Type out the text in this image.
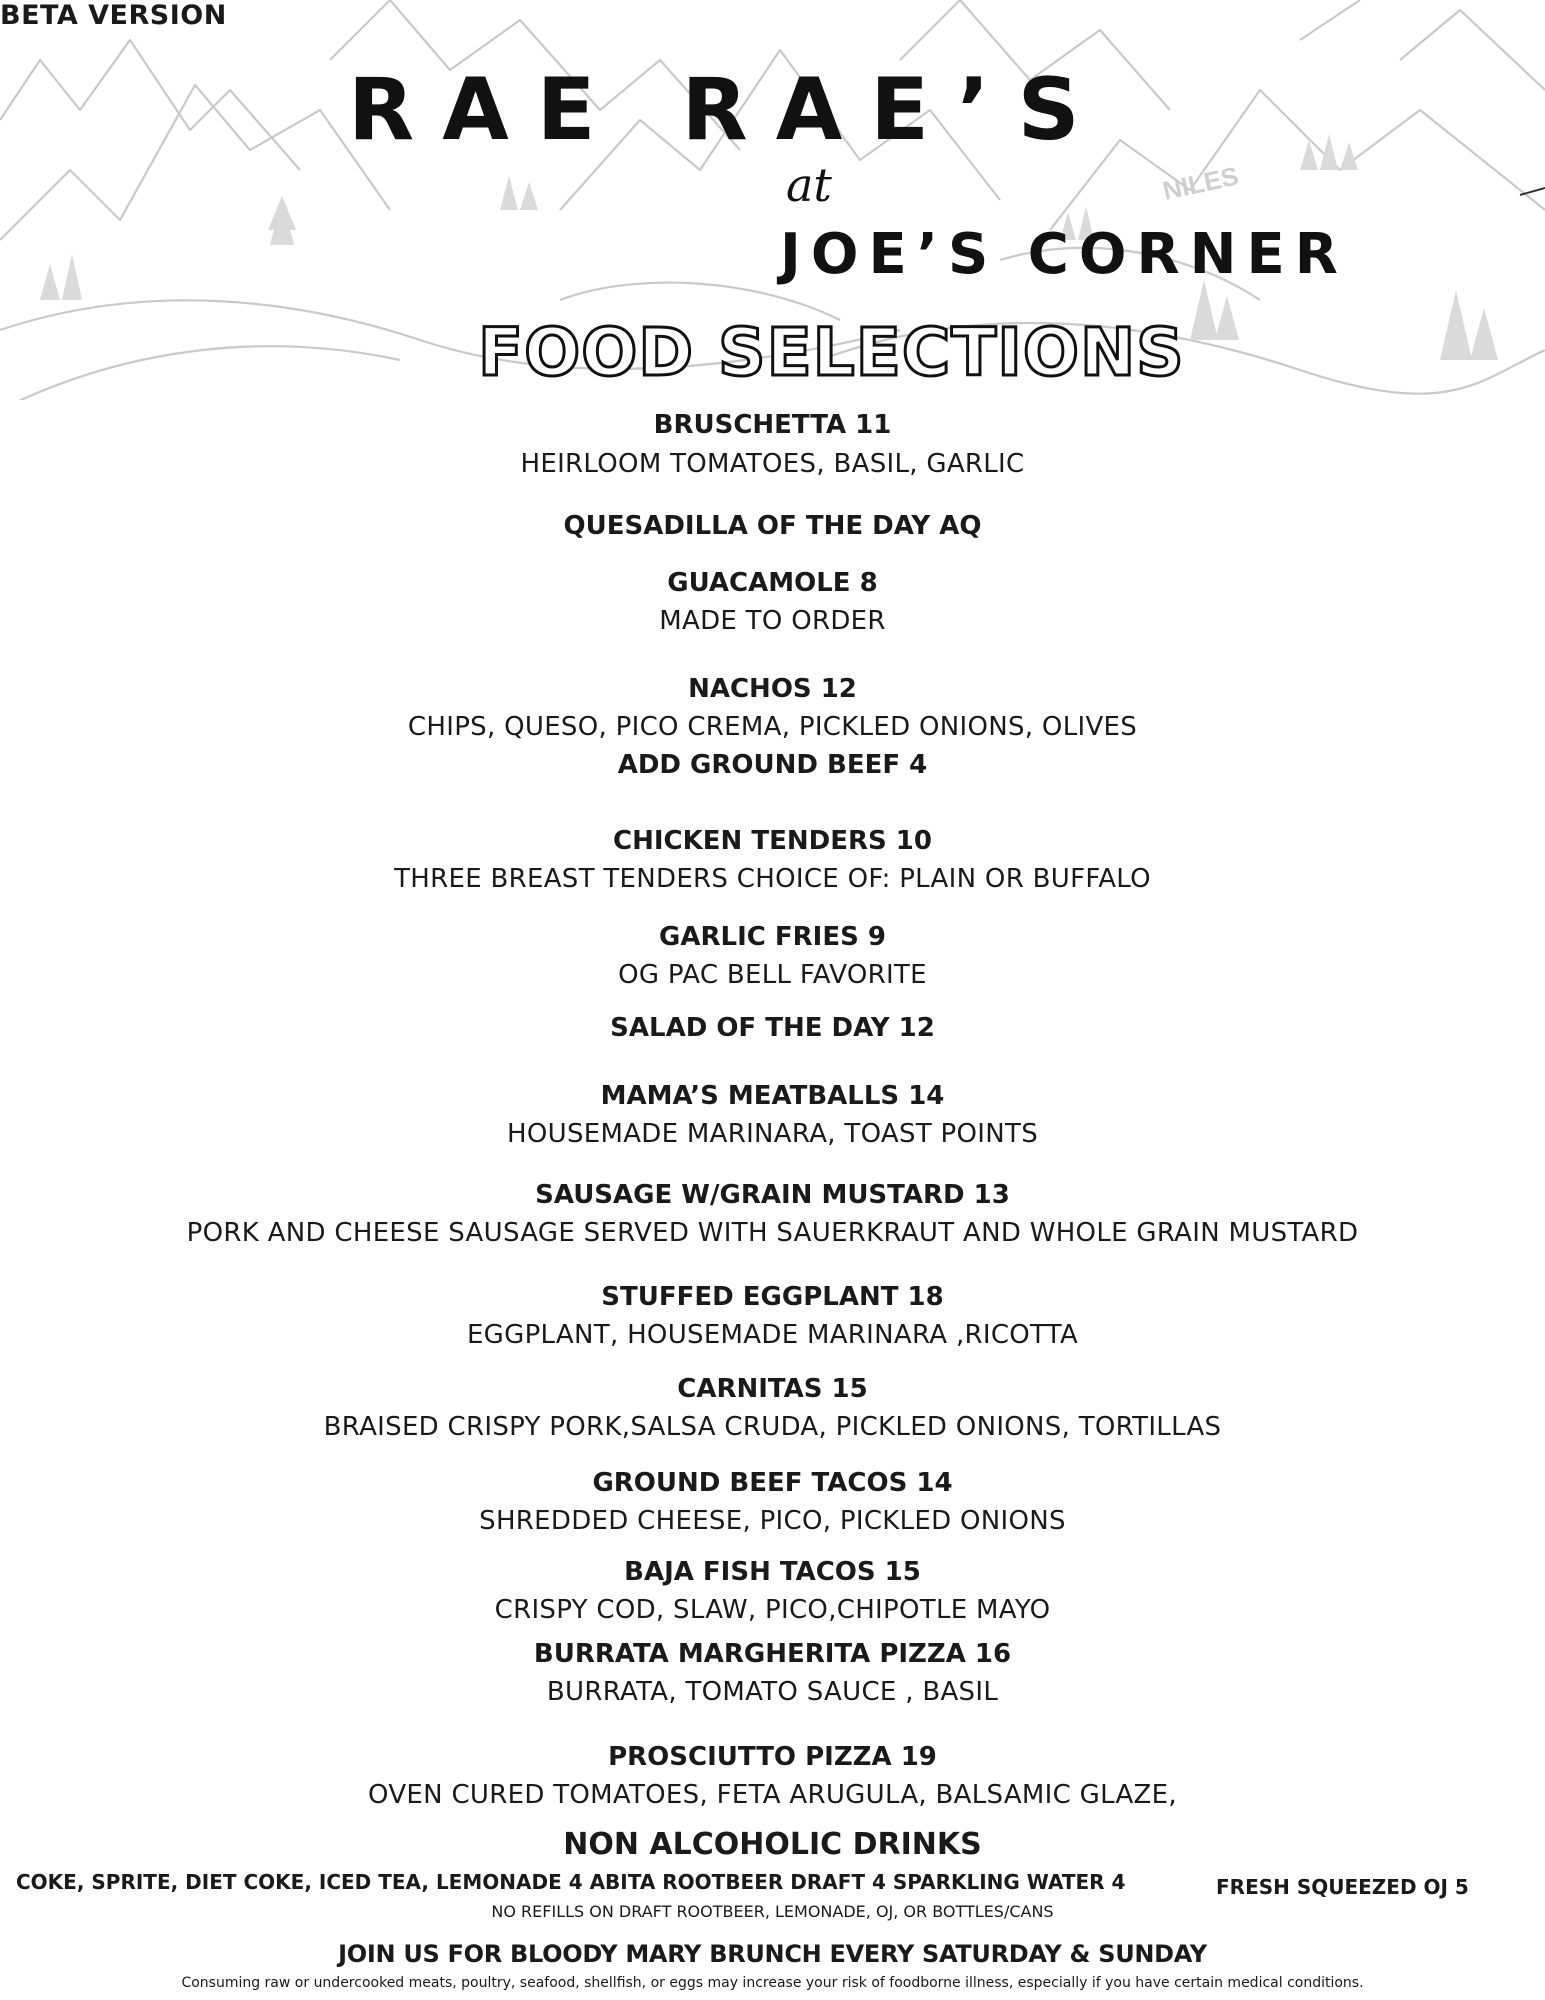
NILES
BETA VERSION
RAE RAE’S
at
JOE’S CORNER
FOOD SELECTIONS
BRUSCHETTA 11
HEIRLOOM TOMATOES, BASIL, GARLIC
QUESADILLA OF THE DAY AQ
GUACAMOLE 8
MADE TO ORDER
NACHOS 12
CHIPS, QUESO, PICO CREMA, PICKLED ONIONS, OLIVES
ADD GROUND BEEF 4
CHICKEN TENDERS 10
THREE BREAST TENDERS CHOICE OF: PLAIN OR BUFFALO
GARLIC FRIES 9
OG PAC BELL FAVORITE
SALAD OF THE DAY 12
MAMA’S MEATBALLS 14
HOUSEMADE MARINARA, TOAST POINTS
SAUSAGE W/GRAIN MUSTARD 13
PORK AND CHEESE SAUSAGE SERVED WITH SAUERKRAUT AND WHOLE GRAIN MUSTARD
STUFFED EGGPLANT 18
EGGPLANT, HOUSEMADE MARINARA ,RICOTTA
CARNITAS 15
BRAISED CRISPY PORK,SALSA CRUDA, PICKLED ONIONS, TORTILLAS
GROUND BEEF TACOS 14
SHREDDED CHEESE, PICO, PICKLED ONIONS
BAJA FISH TACOS 15
CRISPY COD, SLAW, PICO,CHIPOTLE MAYO
BURRATA MARGHERITA PIZZA 16
BURRATA, TOMATO SAUCE , BASIL
PROSCIUTTO PIZZA 19
OVEN CURED TOMATOES, FETA ARUGULA, BALSAMIC GLAZE,
NON ALCOHOLIC DRINKS
COKE, SPRITE, DIET COKE, ICED TEA, LEMONADE 4 ABITA ROOTBEER DRAFT 4 SPARKLING WATER 4	FRESH SQUEEZED OJ 5
NO REFILLS ON DRAFT ROOTBEER, LEMONADE, OJ, OR BOTTLES/CANS
JOIN US FOR BLOODY MARY BRUNCH EVERY SATURDAY & SUNDAY
Consuming raw or undercooked meats, poultry, seafood, shellfish, or eggs may increase your risk of foodborne illness, especially if you have certain medical conditions.
